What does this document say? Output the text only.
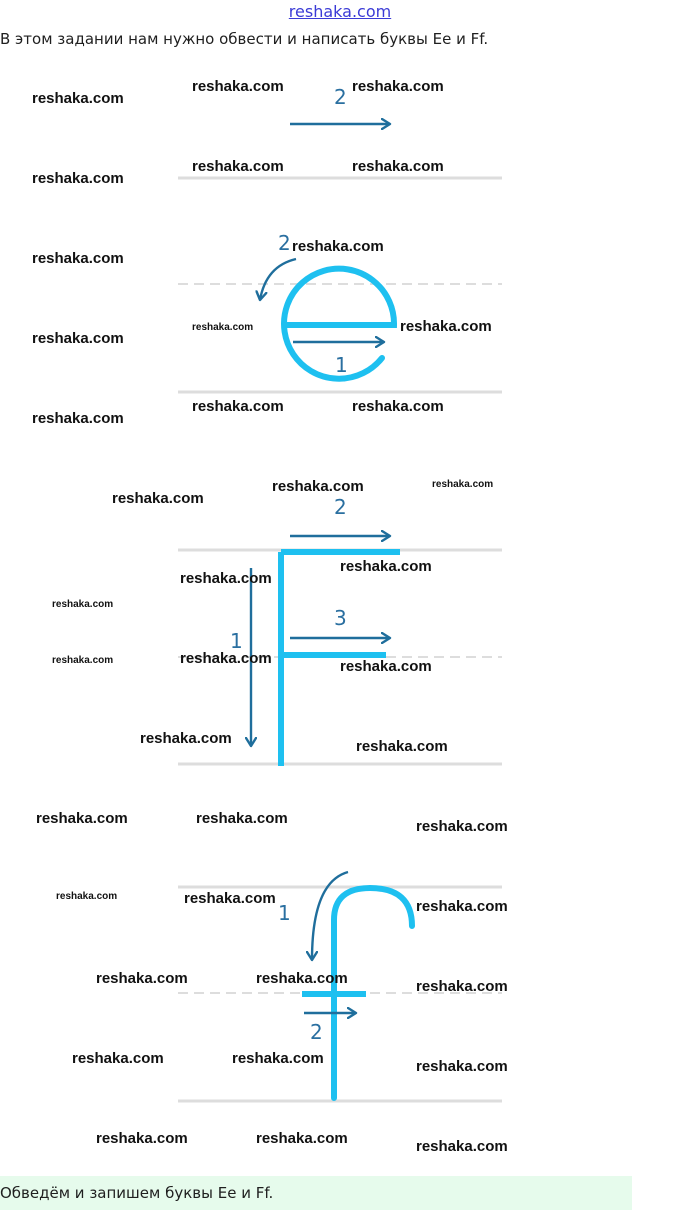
reshaka.com
В этом задании нам нужно обвести и написать буквы Ee и Ff.
2
1
2
1
2
3
1
2
reshaka.com
reshaka.com	reshaka.com
reshaka.com
reshaka.com	reshaka.com
reshaka.com
reshaka.com
reshaka.com
reshaka.com	reshaka.com
reshaka.com
reshaka.com	reshaka.com
reshaka.com
reshaka.com	reshaka.com
reshaka.com
reshaka.com
reshaka.com
reshaka.com	reshaka.com	reshaka.com
reshaka.com	reshaka.com
reshaka.com	reshaka.com	reshaka.com
reshaka.com	reshaka.com	reshaka.com
reshaka.com	reshaka.com	reshaka.com
reshaka.com	reshaka.com	reshaka.com
reshaka.com	reshaka.com	reshaka.com
Обведём и запишем буквы Ee и Ff.
